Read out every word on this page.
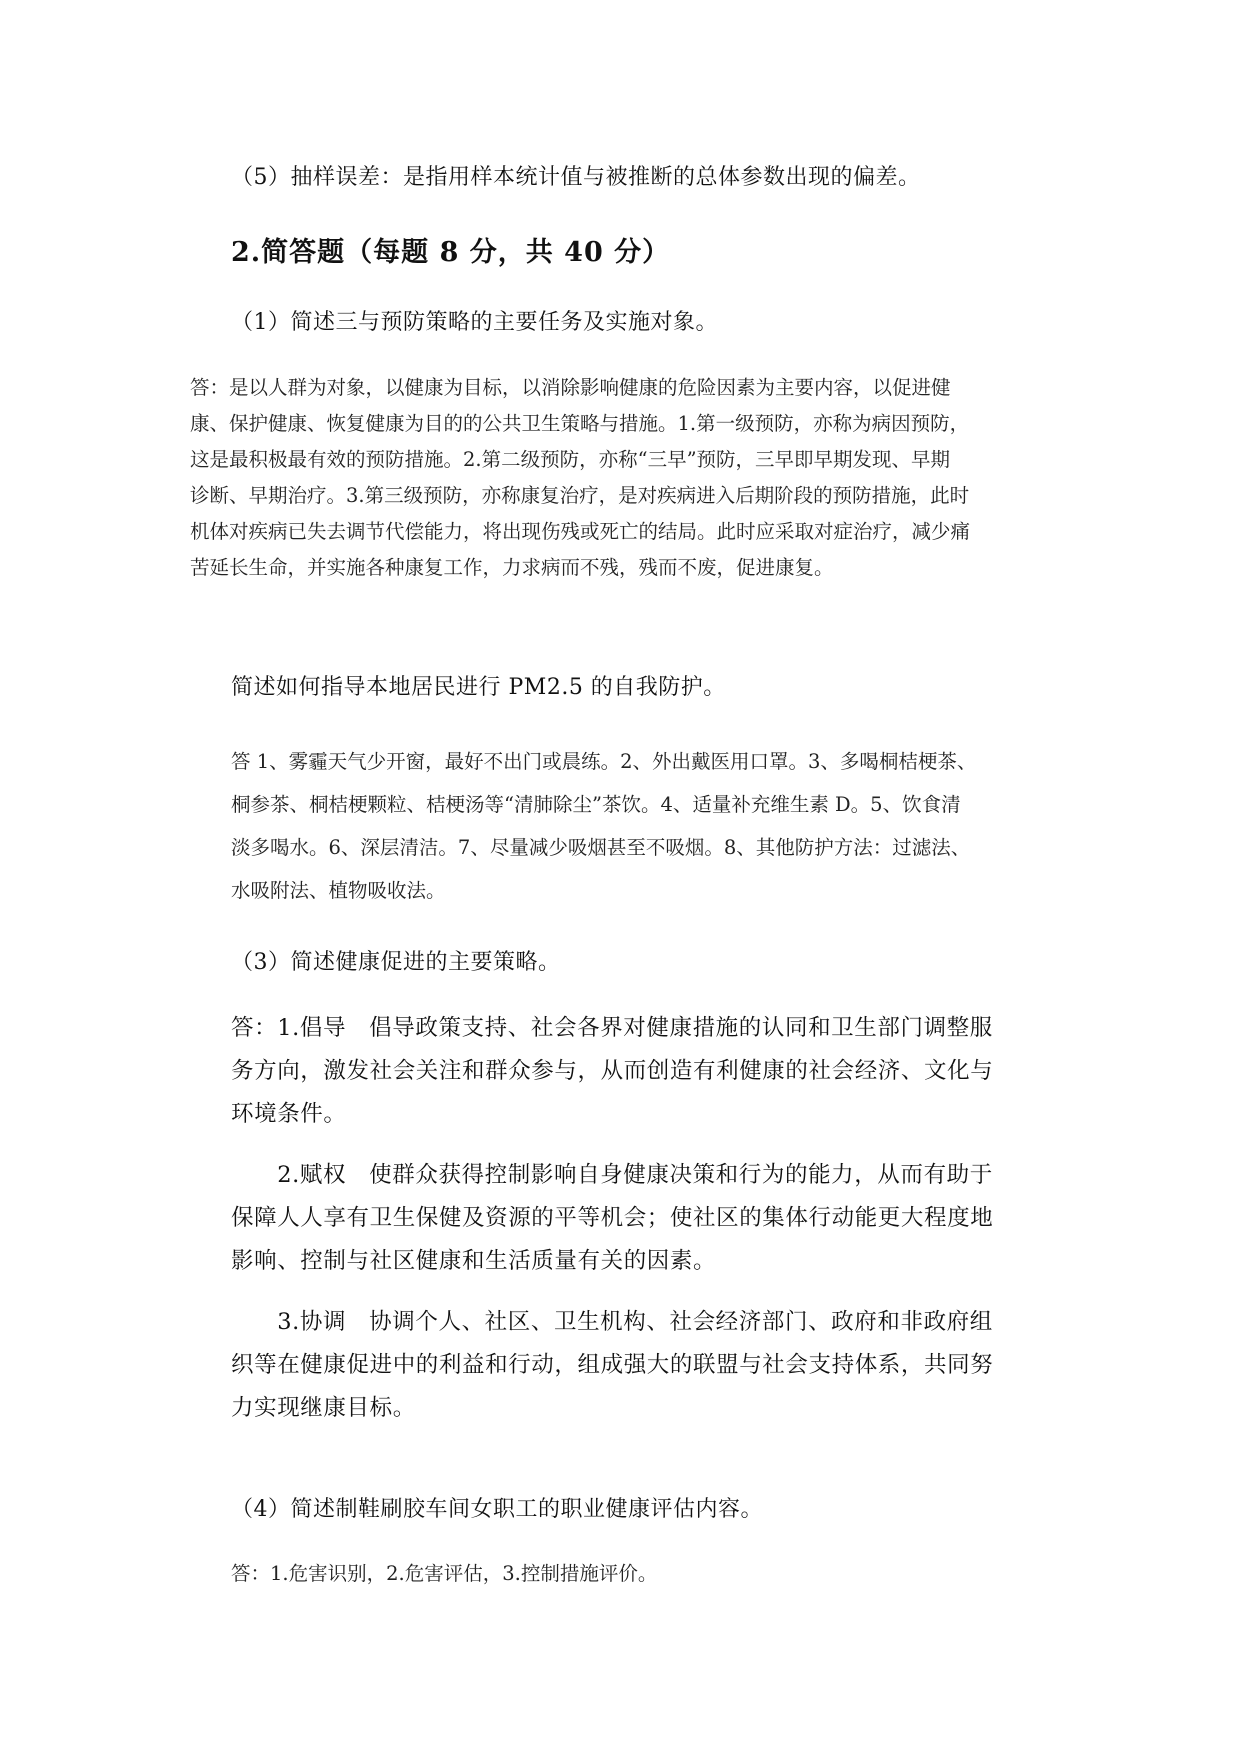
（5）抽样误差：是指用样本统计值与被推断的总体参数出现的偏差。

2.简答题（每题 8 分，共 40 分）

（1）简述三与预防策略的主要任务及实施对象。

答：是以人群为对象，以健康为目标，以消除影响健康的危险因素为主要内容，以促进健
康、保护健康、恢复健康为目的的公共卫生策略与措施。1.第一级预防，亦称为病因预防，
这是最积极最有效的预防措施。2.第二级预防，亦称“三早”预防，三早即早期发现、早期
诊断、早期治疗。3.第三级预防，亦称康复治疗，是对疾病进入后期阶段的预防措施，此时
机体对疾病已失去调节代偿能力，将出现伤残或死亡的结局。此时应采取对症治疗，减少痛
苦延长生命，并实施各种康复工作，力求病而不残，残而不废，促进康复。

简述如何指导本地居民进行 PM2.5 的自我防护。

答 1、雾霾天气少开窗，最好不出门或晨练。2、外出戴医用口罩。3、多喝桐桔梗茶、
桐参茶、桐桔梗颗粒、桔梗汤等“清肺除尘”茶饮。4、适量补充维生素 D。5、饮食清
淡多喝水。6、深层清洁。7、尽量减少吸烟甚至不吸烟。8、其他防护方法：过滤法、
水吸附法、植物吸收法。

（3）简述健康促进的主要策略。

答：1.倡导　倡导政策支持、社会各界对健康措施的认同和卫生部门调整服
务方向，激发社会关注和群众参与，从而创造有利健康的社会经济、文化与
环境条件。
　　2.赋权　使群众获得控制影响自身健康决策和行为的能力，从而有助于
保障人人享有卫生保健及资源的平等机会；使社区的集体行动能更大程度地
影响、控制与社区健康和生活质量有关的因素。
　　3.协调　协调个人、社区、卫生机构、社会经济部门、政府和非政府组
织等在健康促进中的利益和行动，组成强大的联盟与社会支持体系，共同努
力实现继康目标。

（4）简述制鞋刷胶车间女职工的职业健康评估内容。

答：1.危害识别，2.危害评估，3.控制措施评价。
